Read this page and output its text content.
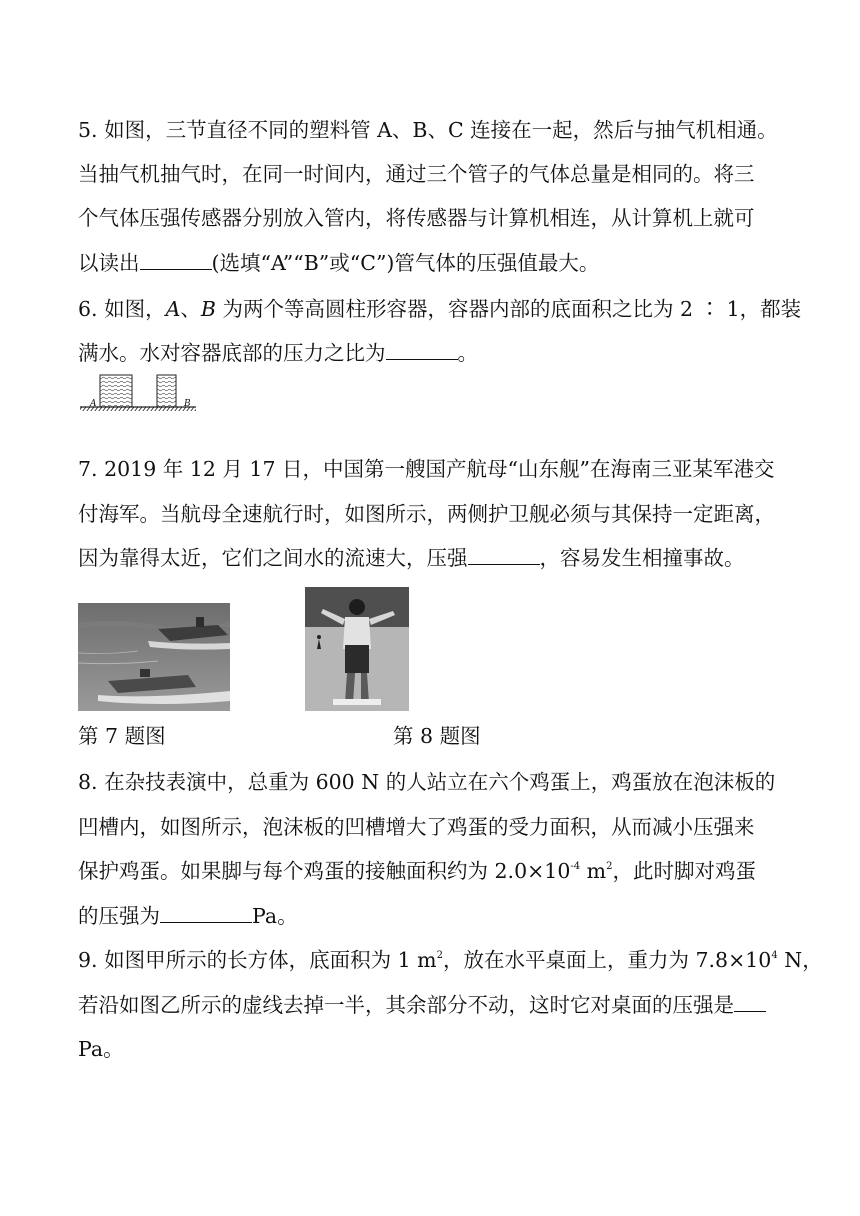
5. 如图，三节直径不同的塑料管 A、B、C 连接在一起，然后与抽气机相通。
当抽气机抽气时，在同一时间内，通过三个管子的气体总量是相同的。将三
个气体压强传感器分别放入管内，将传感器与计算机相连，从计算机上就可
以读出	(选填“A”“B”或“C”)管气体的压强值最大。
6. 如图，A、B 为两个等高圆柱形容器，容器内部的底面积之比为 2 ∶ 1，都装
满水。水对容器底部的压力之比为	。
A	B
7. 2019 年 12 月 17 日，中国第一艘国产航母“山东舰”在海南三亚某军港交
付海军。当航母全速航行时，如图所示，两侧护卫舰必须与其保持一定距离，
因为靠得太近，它们之间水的流速大，压强	，容易发生相撞事故。
第 7 题图	第 8 题图
8. 在杂技表演中，总重为 600 N 的人站立在六个鸡蛋上，鸡蛋放在泡沫板的
凹槽内，如图所示，泡沫板的凹槽增大了鸡蛋的受力面积，从而减小压强来
保护鸡蛋。如果脚与每个鸡蛋的接触面积约为 $2.0\times 10^{-4}$ $m^2$，此时脚对鸡蛋
的压强为	Pa。
9. 如图甲所示的长方体，底面积为 1 $m^2$，放在水平桌面上，重力为 $7.8\times 10^4$ N，
若沿如图乙所示的虚线去掉一半，其余部分不动，这时它对桌面的压强是
Pa。
